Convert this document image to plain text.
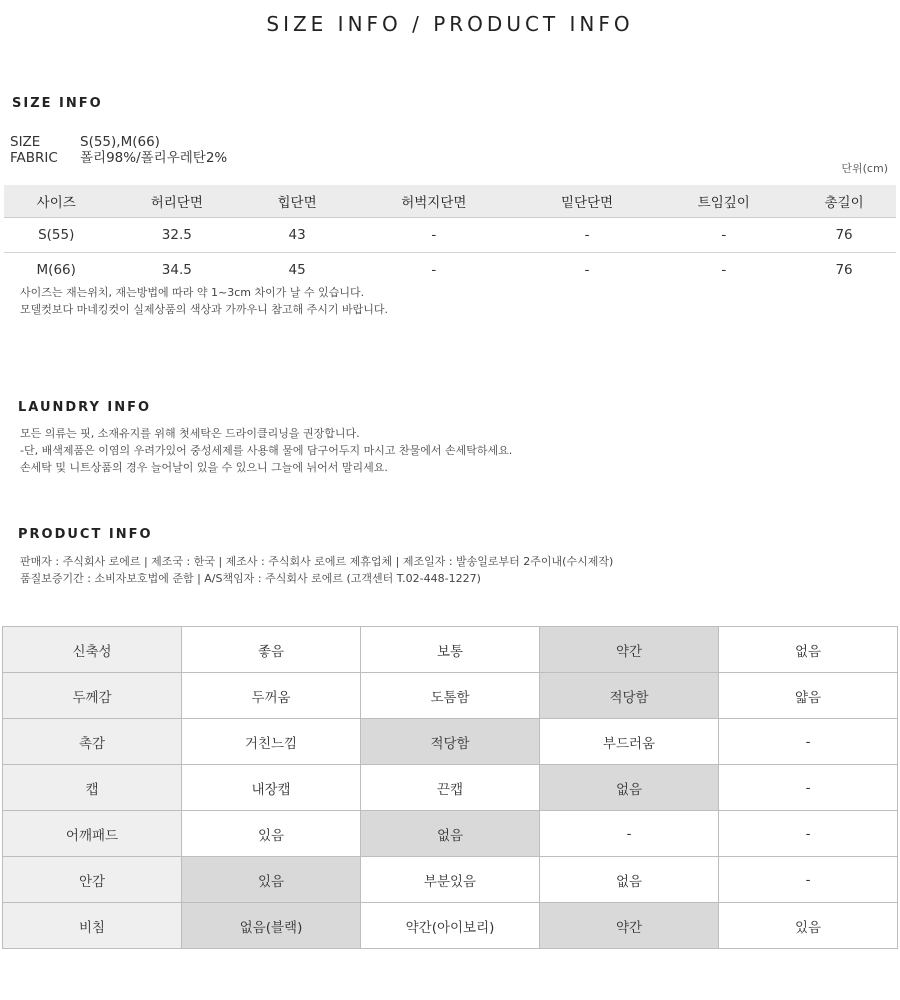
SIZE INFO / PRODUCT INFO
SIZE INFO
SIZE	S(55),M(66)
FABRIC	폴리98%/폴리우레탄2%
단위(cm)
사이즈	허리단면	힙단면	허벅지단면	밑단단면	트임깊이	총길이
S(55)	32.5	43	-	-	-	76
M(66)	34.5	45	-	-	-	76
사이즈는 재는위치, 재는방법에 따라 약 1~3cm 차이가 날 수 있습니다.
모델컷보다 마네킹컷이 실제상품의 색상과 가까우니 참고해 주시기 바랍니다.
LAUNDRY INFO
모든 의류는 핏, 소재유지를 위해 첫세탁은 드라이클리닝을 권장합니다.
-단, 배색제품은 이염의 우려가있어 중성세제를 사용해 물에 담구어두지 마시고 찬물에서 손세탁하세요.
손세탁 및 니트상품의 경우 늘어날이 있을 수 있으니 그늘에 뉘어서 말리세요.
PRODUCT INFO
판매자 : 주식회사 로에르 | 제조국 : 한국 | 제조사 : 주식회사 로에르 제휴업체 | 제조일자 : 발송일로부터 2주이내(수시제작)
품질보증기간 : 소비자보호법에 준함 | A/S책임자 : 주식회사 로에르 (고객센터 T.02-448-1227)
신축성	좋음	보통	약간	없음
두께감	두꺼움	도톰함	적당함	얇음
촉감	거친느낌	적당함	부드러움	-
캡	내장캡	끈캡	없음	-
어깨패드	있음	없음	-	-
안감	있음	부분있음	없음	-
비침	없음(블랙)	약간(아이보리)	약간	있음
